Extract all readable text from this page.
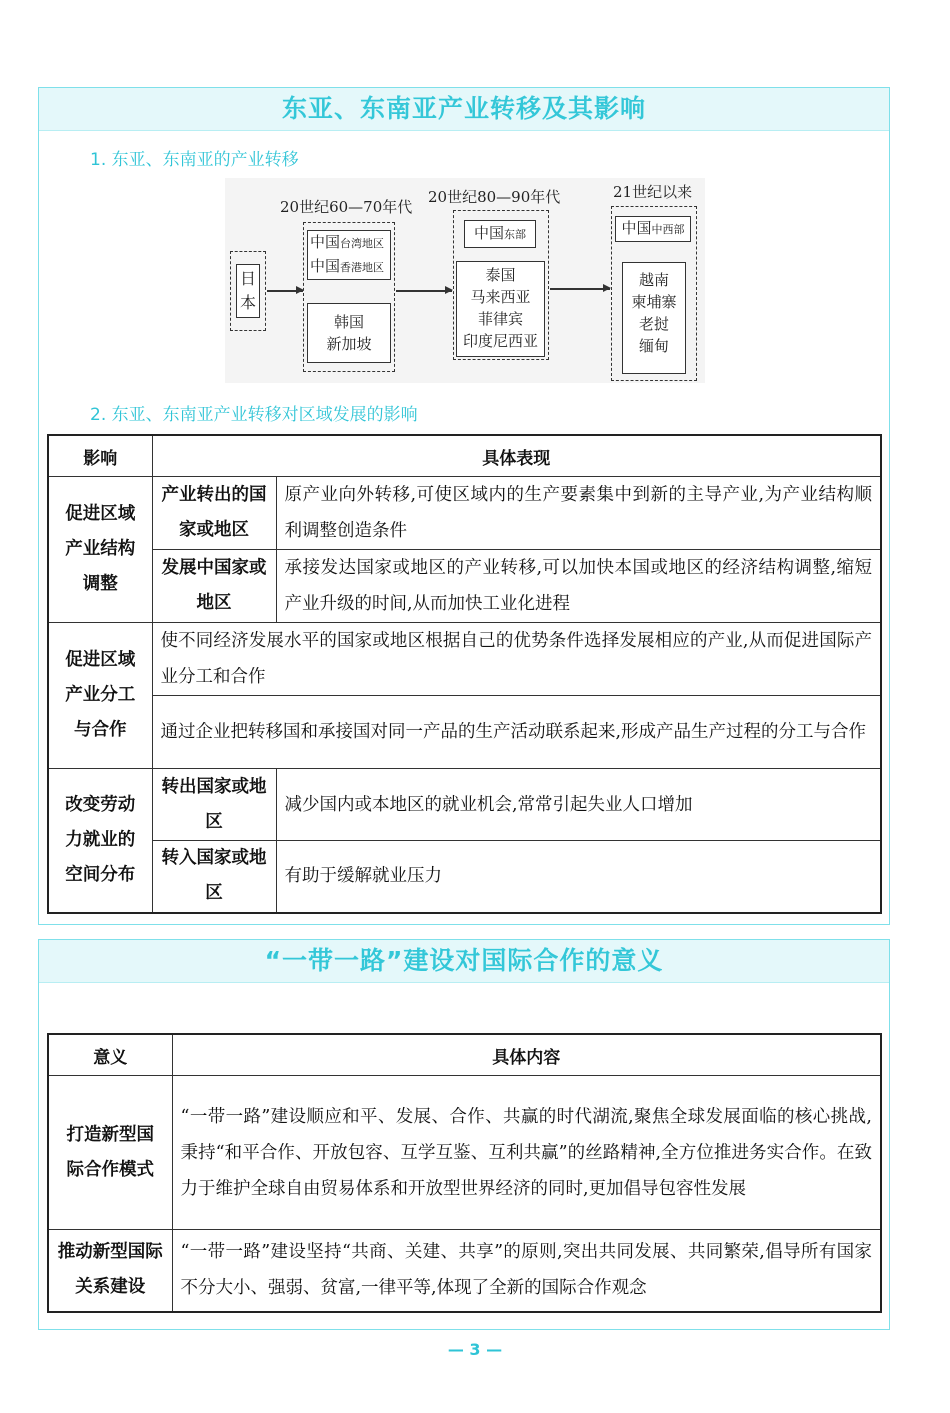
东亚、东南亚产业转移及其影响
1. 东亚、东南亚的产业转移
日本
20世纪60—70年代
中国台湾地区
中国香港地区
韩国
新加坡
20世纪80—90年代
中国东部
泰国
马来西亚
菲律宾
印度尼西亚
21世纪以来
中国中西部
越南
柬埔寨
老挝
缅甸
2. 东亚、东南亚产业转移对区域发展的影响
影响	具体表现	
促进区域产业结构调整	产业转出的国家或地区	原产业向外转移,可使区域内的生产要素集中到新的主导产业,为产业结构顺利调整创造条件
	发展中国家或地区	承接发达国家或地区的产业转移,可以加快本国或地区的经济结构调整,缩短产业升级的时间,从而加快工业化进程
促进区域产业分工与合作	使不同经济发展水平的国家或地区根据自己的优势条件选择发展相应的产业,从而促进国际产业分工和合作	
	通过企业把转移国和承接国对同一产品的生产活动联系起来,形成产品生产过程的分工与合作	
改变劳动力就业的空间分布	转出国家或地区	减少国内或本地区的就业机会,常常引起失业人口增加
	转入国家或地区	有助于缓解就业压力
“一带一路”建设对国际合作的意义
意义	具体内容
打造新型国际合作模式	“一带一路”建设顺应和平、发展、合作、共赢的时代湖流,聚焦全球发展面临的核心挑战,秉持“和平合作、开放包容、互学互鉴、互利共赢”的丝路精神,全方位推进务实合作。在致力于维护全球自由贸易体系和开放型世界经济的同时,更加倡导包容性发展
推动新型国际关系建设	“一带一路”建设坚持“共商、关建、共享”的原则,突出共同发展、共同繁荣,倡导所有国家不分大小、强弱、贫富,一律平等,体现了全新的国际合作观念
— 3 —
